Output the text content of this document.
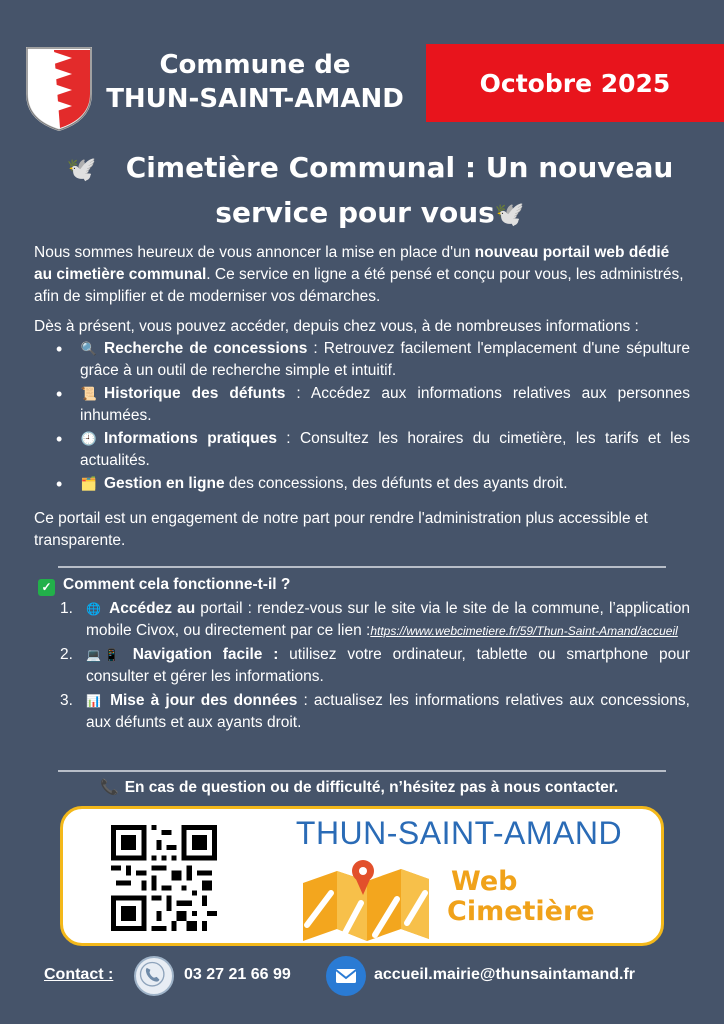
Commune de
THUN-SAINT-AMAND
Octobre 2025
🕊️ Cimetière Communal : Un nouveau
service pour vous🕊️

Nous sommes heureux de vous annoncer la mise en place d'un nouveau portail web dédié au cimetière communal. Ce service en ligne a été pensé et conçu pour vous, les administrés, afin de simplifier et de moderniser vos démarches.

Dès à présent, vous pouvez accéder, depuis chez vous, à de nombreuses informations :

• 🔍 Recherche de concessions : Retrouvez facilement l'emplacement d'une sépulture grâce à un outil de recherche simple et intuitif.
• 📜 Historique des défunts : Accédez aux informations relatives aux personnes inhumées.
• 🕘 Informations pratiques : Consultez les horaires du cimetière, les tarifs et les actualités.
• 🗂️ Gestion en ligne des concessions, des défunts et des ayants droit.

Ce portail est un engagement de notre part pour rendre l'administration plus accessible et transparente.

✓ Comment cela fonctionne-t-il ?
1. 🌐 Accédez au portail : rendez-vous sur le site via le site de la commune, l’application mobile Civox, ou directement par ce lien :https://www.webcimetiere.fr/59/Thun-Saint-Amand/accueil
2. 💻 📱 Navigation facile : utilisez votre ordinateur, tablette ou smartphone pour consulter et gérer les informations.
3. 📊 Mise à jour des données : actualisez les informations relatives aux concessions, aux défunts et aux ayants droit.
📞 En cas de question ou de difficulté, n’hésitez pas à nous contacter.
THUN-SAINT-AMAND
Web
Cimetière
Contact :	03 27 21 66 99	accueil.mairie@thunsaintamand.fr
